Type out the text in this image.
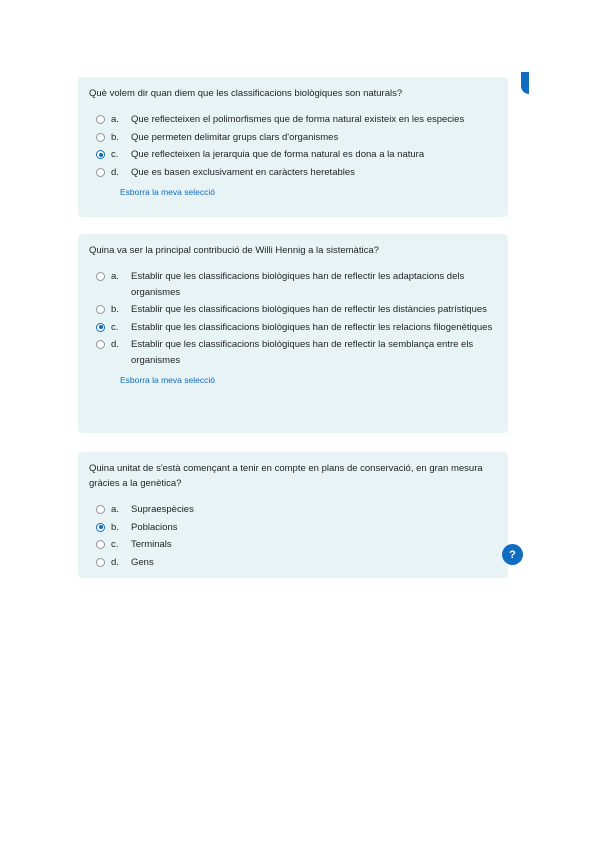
Què volem dir quan diem que les classificacions biològiques son naturals?

a.	Que reflecteixen el polimorfismes que de forma natural existeix en les especies
b.	Que permeten delimitar grups clars d'organismes
c.	Que reflecteixen la jerarquia que de forma natural es dona a la natura
d.	Que es basen exclusivament en caràcters heretables
Esborra la meva selecció

Quina va ser la principal contribució de Willi Hennig a la sistemàtica?

a.	Establir que les classificacions biològiques han de reflectir les adaptacions dels organismes
b.	Establir que les classificacions biològiques han de reflectir les distàncies patrístiques
c.	Establir que les classificacions biològiques han de reflectir les relacions filogenètiques
d.	Establir que les classificacions biològiques han de reflectir la semblança entre els organismes
Esborra la meva selecció

Quina unitat de s'està començant a tenir en compte en plans de conservació, en gran mesura gràcies a la genètica?

a.	Supraespècies
b.	Poblacions
c.	Terminals
d.	Gens
?
